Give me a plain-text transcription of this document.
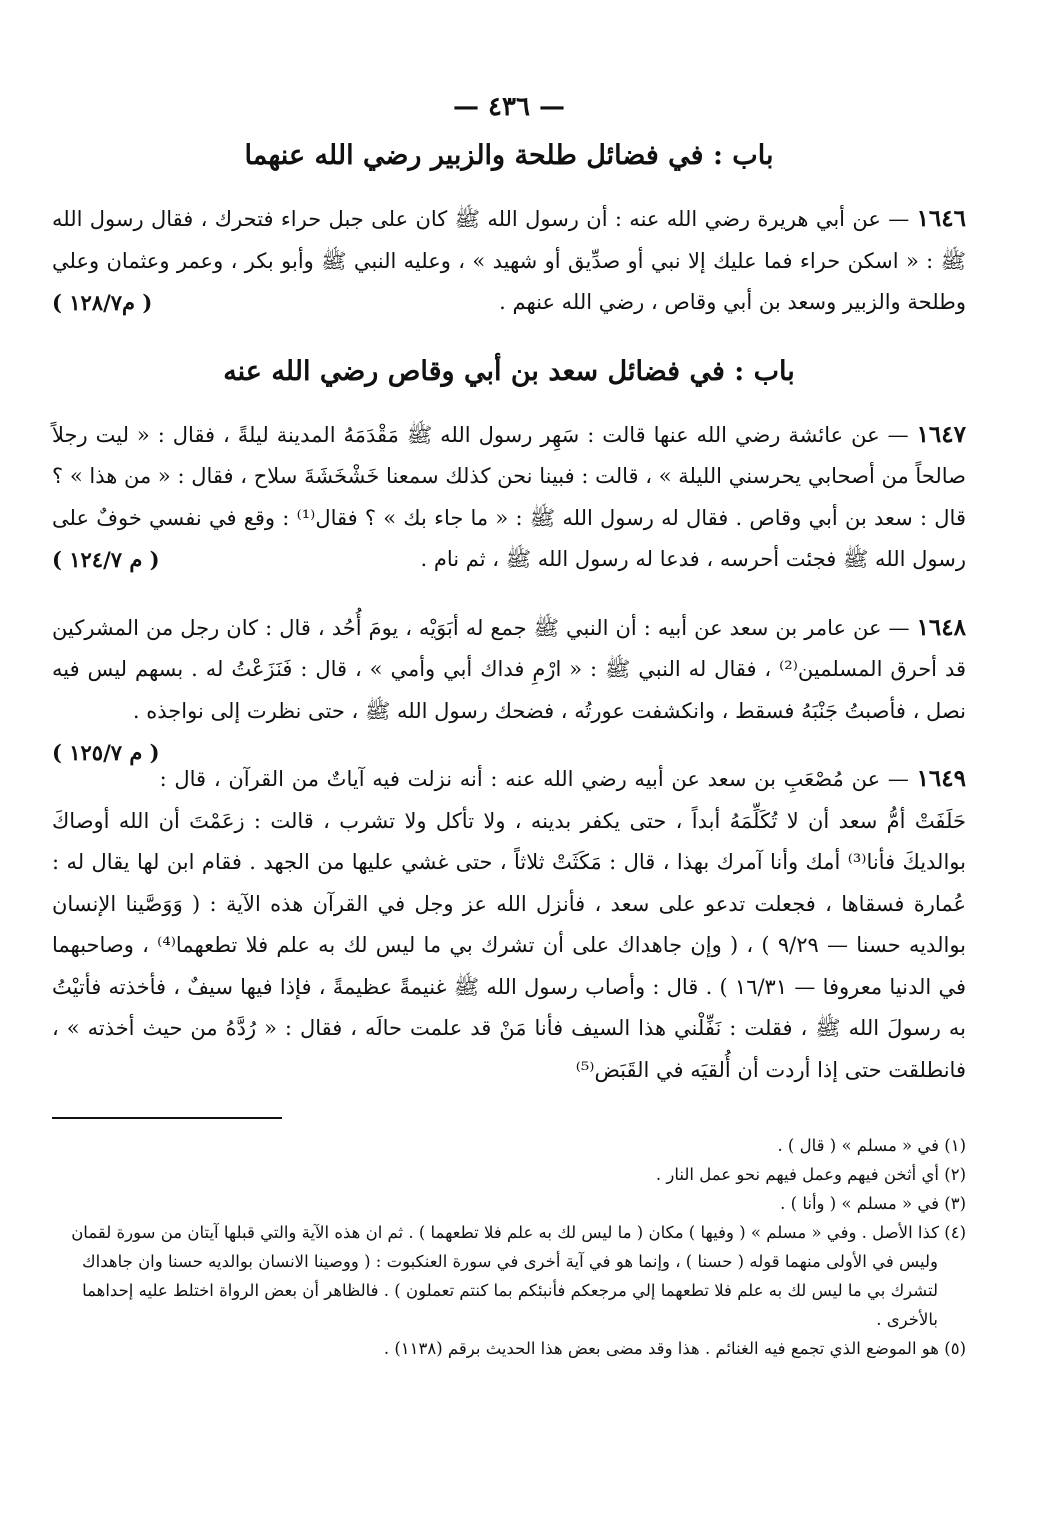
— ٤٣٦ —
باب : في فضائل طلحة والزبير رضي الله عنهما

١٦٤٦ — عن أبي هريرة رضي الله عنه : أن رسول الله ﷺ كان على جبل حراء فتحرك ، فقال رسول الله ﷺ : « اسكن حراء فما عليك إلا نبي أو صدِّيق أو شهيد » ، وعليه النبي ﷺ وأبو بكر ، وعمر وعثمان وعلي وطلحة والزبير وسعد بن أبي وقاص ، رضي الله عنهم .
( م١٢٨/٧ )

باب : في فضائل سعد بن أبي وقاص رضي الله عنه

١٦٤٧ — عن عائشة رضي الله عنها قالت : سَهِر رسول الله ﷺ مَقْدَمَهُ المدينة ليلةً ، فقال : « ليت رجلاً صالحاً من أصحابي يحرسني الليلة » ، قالت : فبينا نحن كذلك سمعنا خَشْخَشَةَ سلاح ، فقال : « من هذا » ؟ قال : سعد بن أبي وقاص . فقال له رسول الله ﷺ : « ما جاء بك » ؟ فقال⁽¹⁾ : وقع في نفسي خوفٌ على رسول الله ﷺ فجئت أحرسه ، فدعا له رسول الله ﷺ ، ثم نام .
( م ١٢٤/٧ )

١٦٤٨ — عن عامر بن سعد عن أبيه : أن النبي ﷺ جمع له أبَوَيْه ، يومَ أُحُد ، قال : كان رجل من المشركين قد أحرق المسلمين⁽²⁾ ، فقال له النبي ﷺ : « ارْمِ فداك أبي وأمي » ، قال : فَنَزَعْتُ له . بسهم ليس فيه نصل ، فأصبتُ جَنْبَهُ فسقط ، وانكشفت عورتُه ، فضحك رسول الله ﷺ ، حتى نظرت إلى نواجذه .
( م ١٢٥/٧ )

١٦٤٩ — عن مُصْعَبِ بن سعد عن أبيه رضي الله عنه : أنه نزلت فيه آياتٌ من القرآن ، قال : حَلَفَتْ أمُّ سعد أن لا تُكَلِّمَهُ أبداً ، حتى يكفر بدينه ، ولا تأكل ولا تشرب ، قالت : زعَمْتَ أن الله أوصاكَ بوالديكَ فأنا⁽³⁾ أمك وأنا آمرك بهذا ، قال : مَكَثَتْ ثلاثاً ، حتى غشي عليها من الجهد . فقام ابن لها يقال له : عُمارة فسقاها ، فجعلت تدعو على سعد ، فأنزل الله عز وجل في القرآن هذه الآية : ( وَوَصَّينا الإنسان بوالديه حسنا — ٩/٢٩ ) ، ( وإن جاهداك على أن تشرك بي ما ليس لك به علم فلا تطعهما⁽⁴⁾ ، وصاحبهما في الدنيا معروفا — ١٦/٣١ ) . قال : وأصاب رسول الله ﷺ غنيمةً عظيمةً ، فإذا فيها سيفٌ ، فأخذته فأتيْتُ به رسولَ الله ﷺ ، فقلت : نَفِّلْني هذا السيف فأنا مَنْ قد علمت حالَه ، فقال : « رُدَّهُ من حيث أخذته » ، فانطلقت حتى إذا أردت أن أُلقيَه في القَبَض⁽⁵⁾

(١) في « مسلم » ( قال ) .

(٢) أي أثخن فيهم وعمل فيهم نحو عمل النار .

(٣) في « مسلم » ( وأنا ) .

(٤) كذا الأصل . وفي « مسلم » ( وفيها ) مكان ( ما ليس لك به علم فلا تطعهما ) . ثم ان هذه الآية والتي قبلها آيتان من سورة لقمان

وليس في الأولى منهما قوله ( حسنا ) ، وإنما هو في آية أخرى في سورة العنكبوت : ( ووصينا الانسان بوالديه حسنا وان جاهداك

لتشرك بي ما ليس لك به علم فلا تطعهما إلي مرجعكم فأنبئكم بما كنتم تعملون ) . فالظاهر أن بعض الرواة اختلط عليه إحداهما

بالأخرى .

(٥) هو الموضع الذي تجمع فيه الغنائم . هذا وقد مضى بعض هذا الحديث برقم (١١٣٨) .
